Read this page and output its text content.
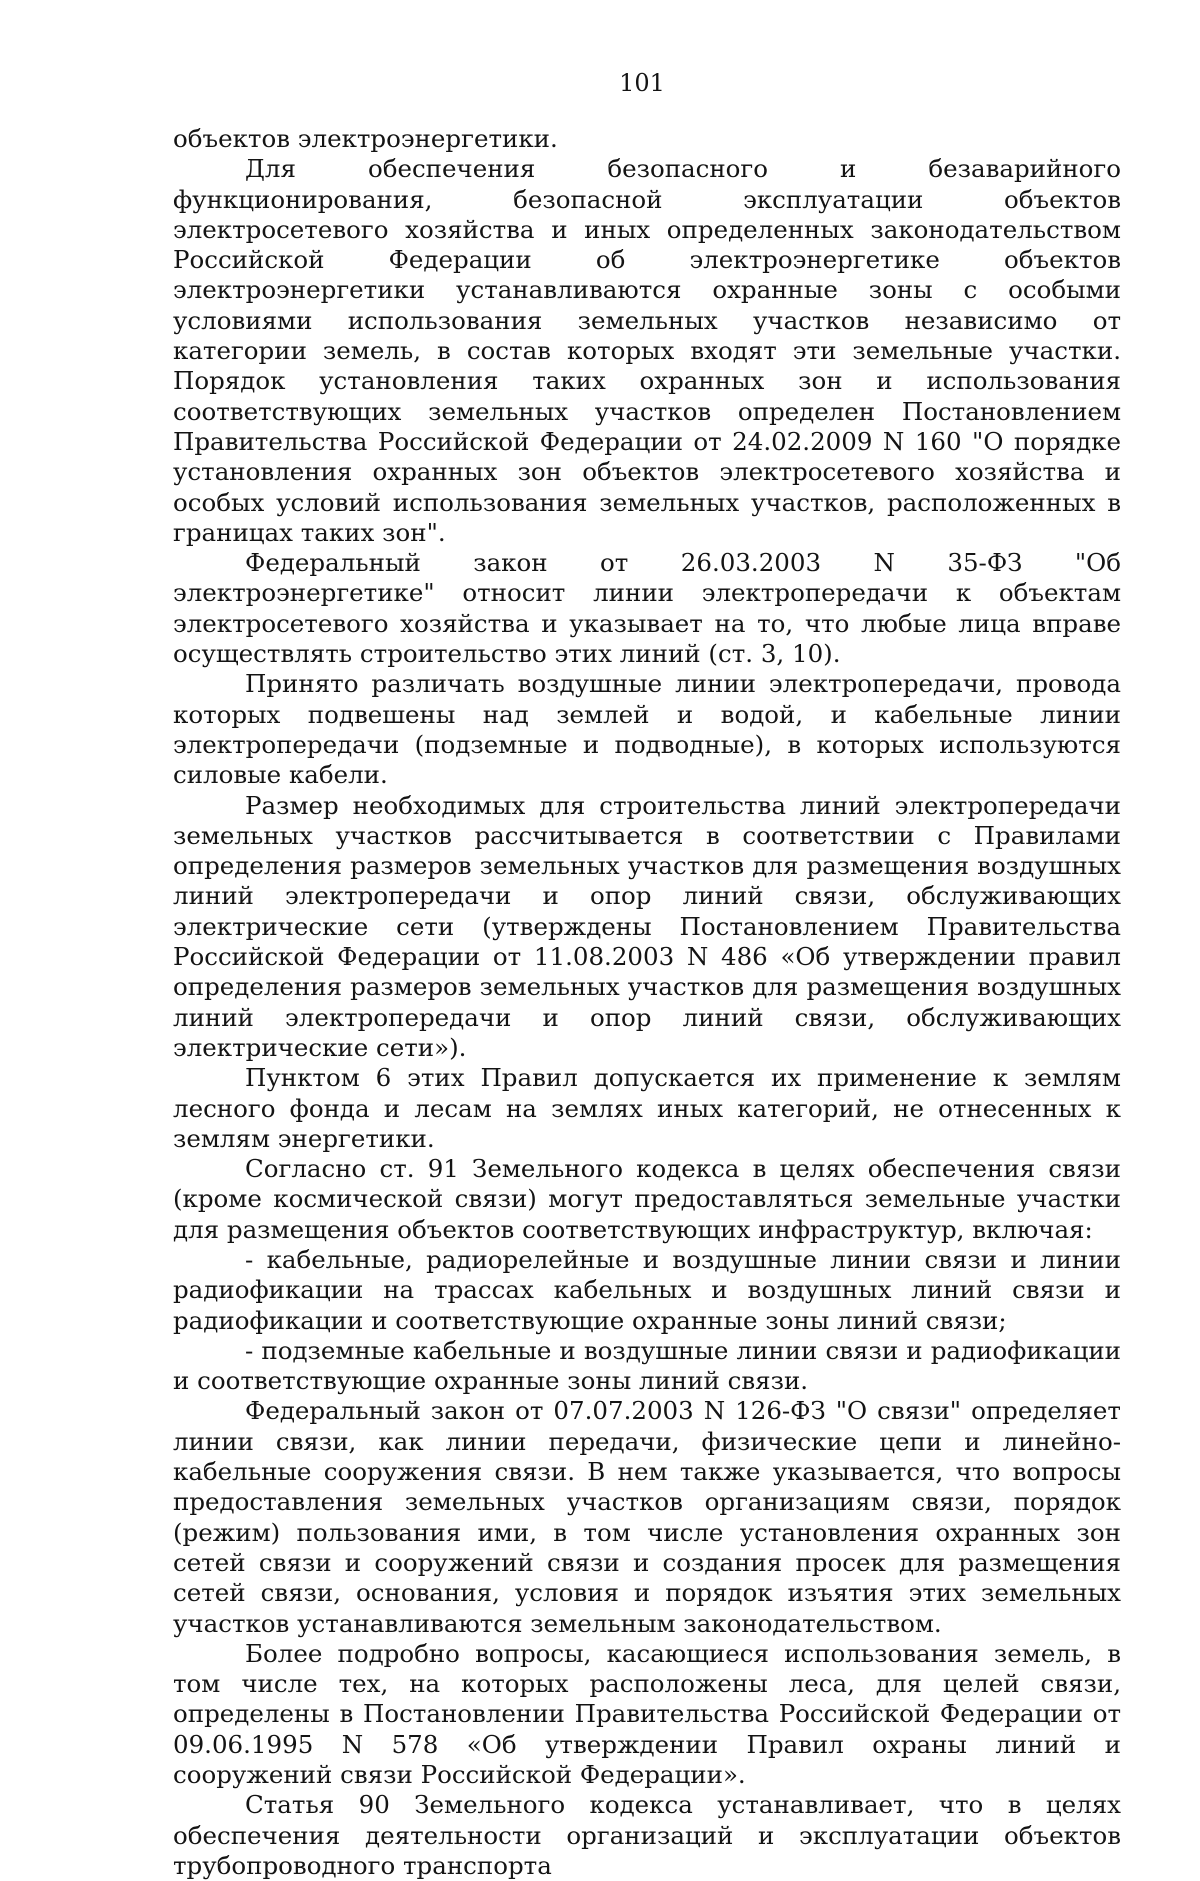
101

объектов электроэнергетики.

Для обеспечения безопасного и безаварийного функционирования, безопасной эксплуатации объектов электросетевого хозяйства и иных определенных законодательством Российской Федерации об электроэнергетике объектов электроэнергетики устанавливаются охранные зоны с особыми условиями использования земельных участков независимо от категории земель, в состав которых входят эти земельные участки. Порядок установления таких охранных зон и использования соответствующих земельных участков определен Постановлением Правительства Российской Федерации от 24.02.2009 N 160 "О порядке установления охранных зон объектов электросетевого хозяйства и особых условий использования земельных участков, расположенных в границах таких зон".

Федеральный закон от 26.03.2003 N 35-ФЗ "Об электроэнергетике" относит линии электропередачи к объектам электросетевого хозяйства и указывает на то, что любые лица вправе осуществлять строительство этих линий (ст. 3, 10).

Принято различать воздушные линии электропередачи, провода которых подвешены над землей и водой, и кабельные линии электропередачи (подземные и подводные), в которых используются силовые кабели.

Размер необходимых для строительства линий электропередачи земельных участков рассчитывается в соответствии с Правилами определения размеров земельных участков для размещения воздушных линий электропередачи и опор линий связи, обслуживающих электрические сети (утверждены Постановлением Правительства Российской Федерации от 11.08.2003 N 486 «Об утверждении правил определения размеров земельных участков для размещения воздушных линий электропередачи и опор линий связи, обслуживающих электрические сети»).

Пунктом 6 этих Правил допускается их применение к землям лесного фонда и лесам на землях иных категорий, не отнесенных к землям энергетики.

Согласно ст. 91 Земельного кодекса в целях обеспечения связи (кроме космической связи) могут предоставляться земельные участки для размещения объектов соответствующих инфраструктур, включая:

- кабельные, радиорелейные и воздушные линии связи и линии радиофикации на трассах кабельных и воздушных линий связи и радиофикации и соответствующие охранные зоны линий связи;

- подземные кабельные и воздушные линии связи и радиофикации и соответствующие охранные зоны линий связи.

Федеральный закон от 07.07.2003 N 126-ФЗ "О связи" определяет линии связи, как линии передачи, физические цепи и линейно-кабельные сооружения связи. В нем также указывается, что вопросы предоставления земельных участков организациям связи, порядок (режим) пользования ими, в том числе установления охранных зон сетей связи и сооружений связи и создания просек для размещения сетей связи, основания, условия и порядок изъятия этих земельных участков устанавливаются земельным законодательством.

Более подробно вопросы, касающиеся использования земель, в том числе тех, на которых расположены леса, для целей связи, определены в Постановлении Правительства Российской Федерации от 09.06.1995 N 578 «Об утверждении Правил охраны линий и сооружений связи Российской Федерации».

Статья 90 Земельного кодекса устанавливает, что в целях обеспечения деятельности организаций и эксплуатации объектов трубопроводного транспорта
